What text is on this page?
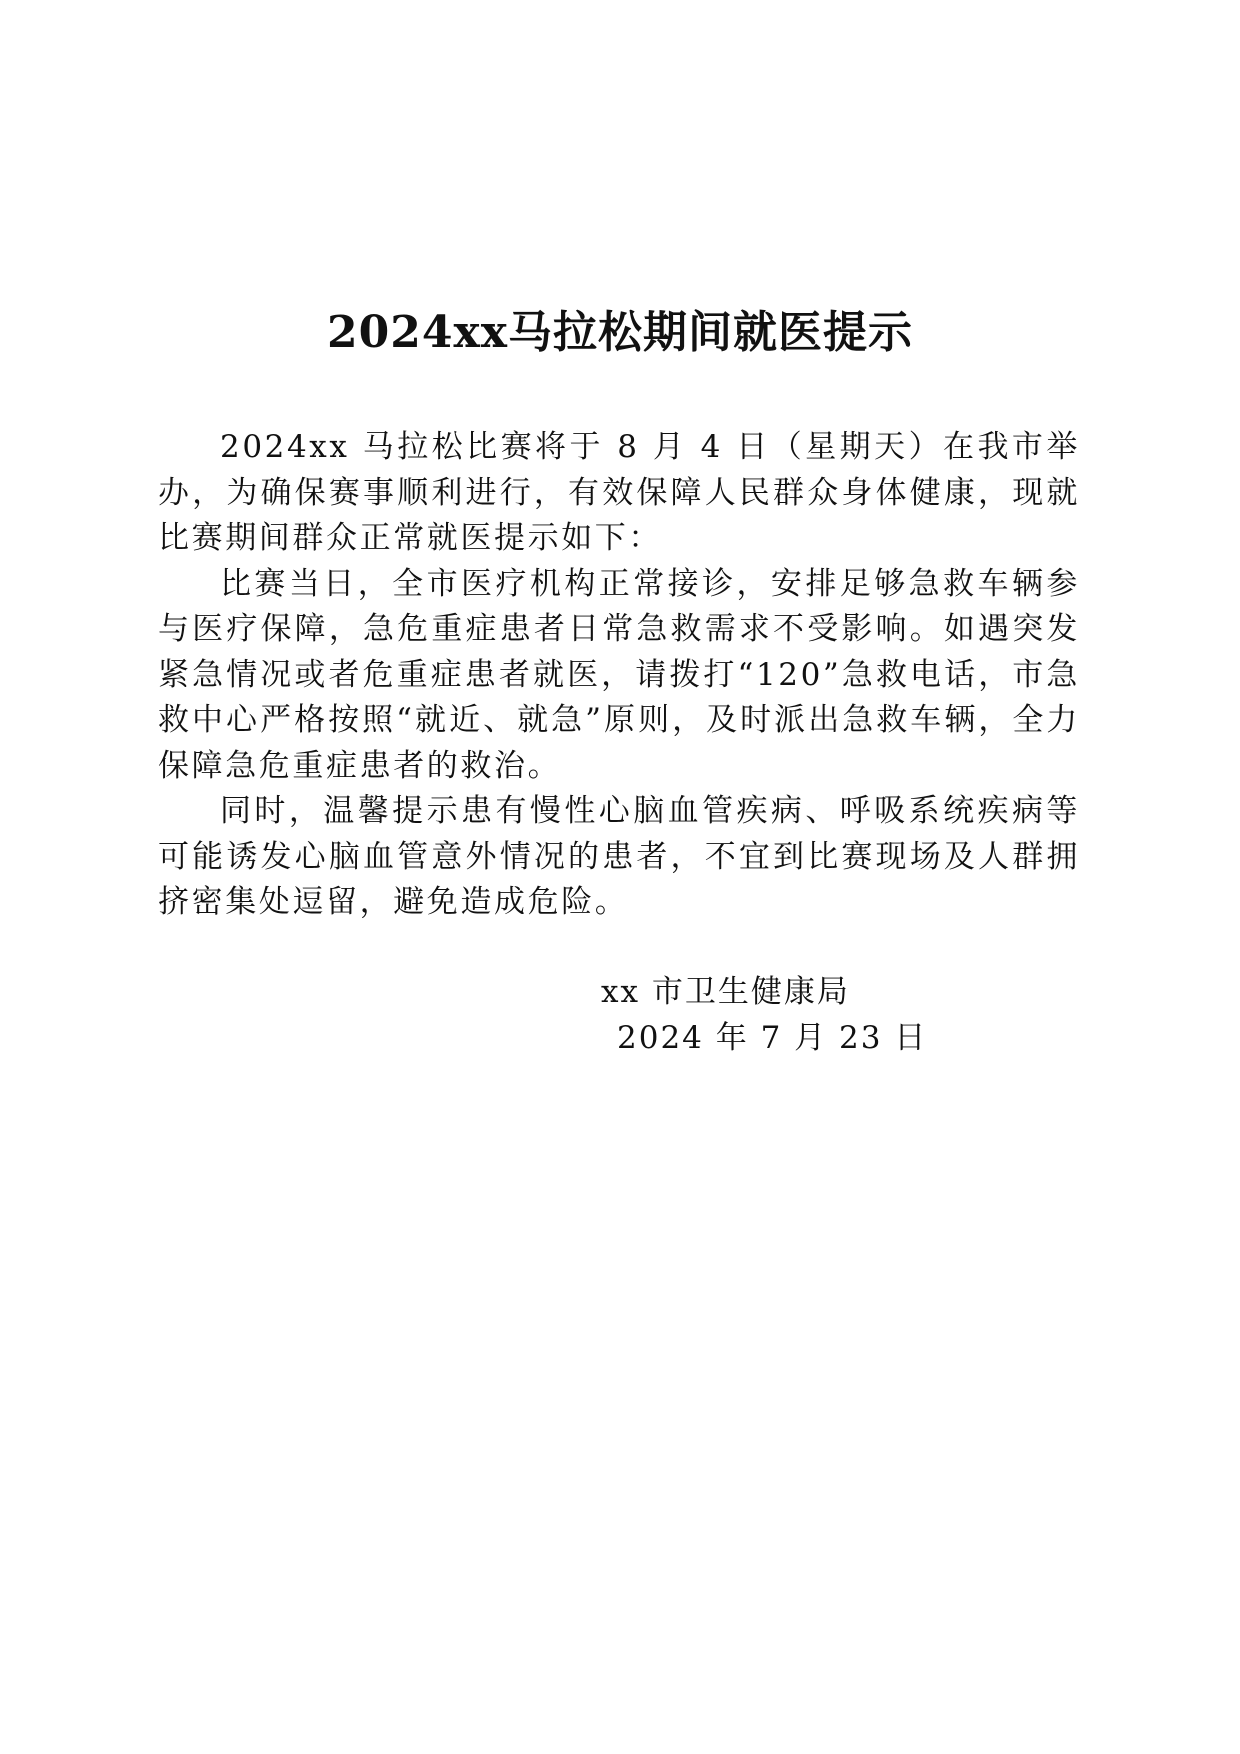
2024xx马拉松期间就医提示

2024xx 马拉松比赛将于 8 月 4 日（星期天）在我市举办，为确保赛事顺利进行，有效保障人民群众身体健康，现就比赛期间群众正常就医提示如下：

比赛当日，全市医疗机构正常接诊，安排足够急救车辆参与医疗保障，急危重症患者日常急救需求不受影响。如遇突发紧急情况或者危重症患者就医，请拨打“120”急救电话，市急救中心严格按照“就近、就急”原则，及时派出急救车辆，全力保障急危重症患者的救治。

同时，温馨提示患有慢性心脑血管疾病、呼吸系统疾病等可能诱发心脑血管意外情况的患者，不宜到比赛现场及人群拥挤密集处逗留，避免造成危险。

xx 市卫生健康局
2024 年 7 月 23 日
